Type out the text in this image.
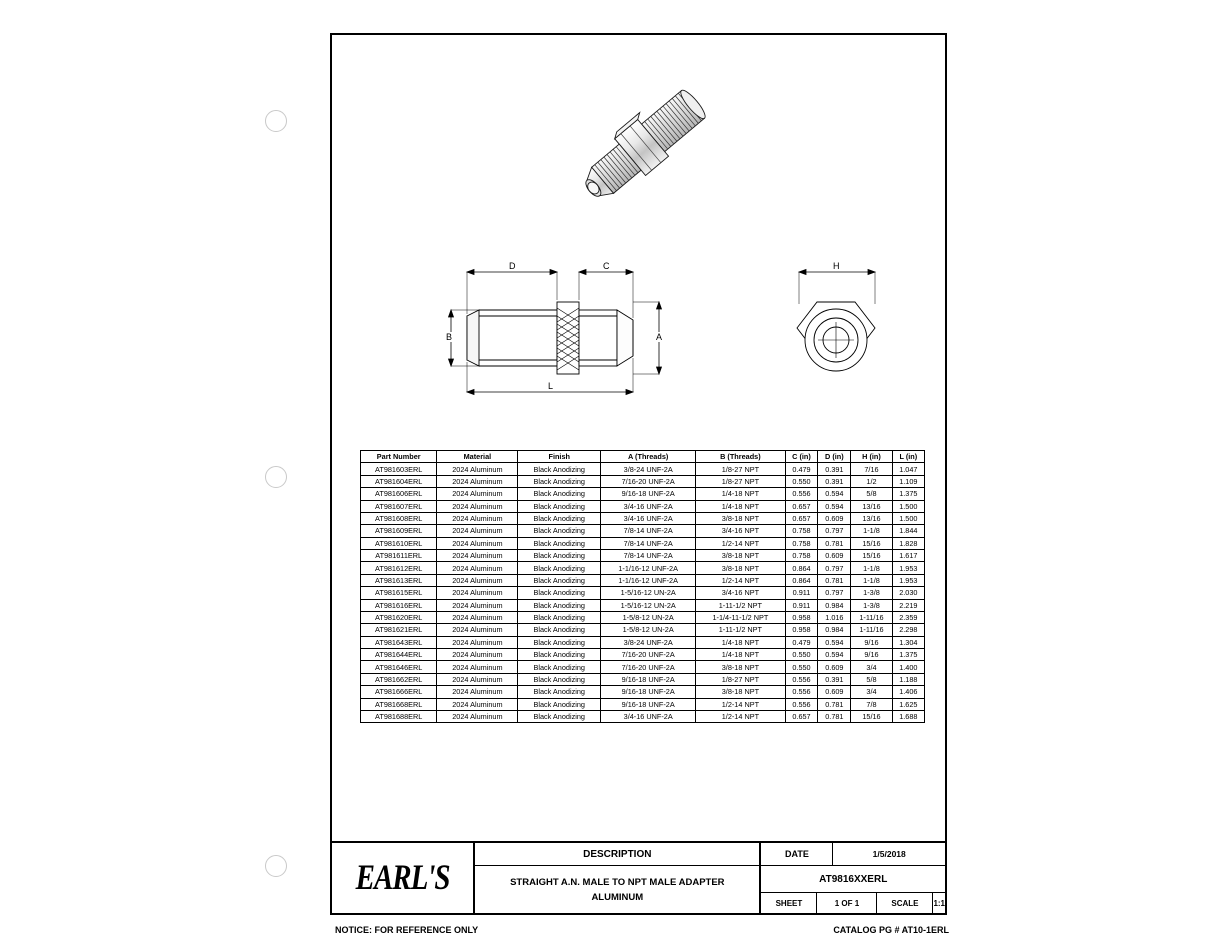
D	C
B	A
L
H
Part Number	Material	Finish	A (Threads)	B (Threads)	C (in)	D (in)	H (in)	L (in)
AT981603ERL	2024 Aluminum	Black Anodizing	3/8-24 UNF-2A	1/8-27 NPT	0.479	0.391	7/16	1.047
AT981604ERL	2024 Aluminum	Black Anodizing	7/16-20 UNF-2A	1/8-27 NPT	0.550	0.391	1/2	1.109
AT981606ERL	2024 Aluminum	Black Anodizing	9/16-18 UNF-2A	1/4-18 NPT	0.556	0.594	5/8	1.375
AT981607ERL	2024 Aluminum	Black Anodizing	3/4-16 UNF-2A	1/4-18 NPT	0.657	0.594	13/16	1.500
AT981608ERL	2024 Aluminum	Black Anodizing	3/4-16 UNF-2A	3/8-18 NPT	0.657	0.609	13/16	1.500
AT981609ERL	2024 Aluminum	Black Anodizing	7/8-14 UNF-2A	3/4-16 NPT	0.758	0.797	1-1/8	1.844
AT981610ERL	2024 Aluminum	Black Anodizing	7/8-14 UNF-2A	1/2-14 NPT	0.758	0.781	15/16	1.828
AT981611ERL	2024 Aluminum	Black Anodizing	7/8-14 UNF-2A	3/8-18 NPT	0.758	0.609	15/16	1.617
AT981612ERL	2024 Aluminum	Black Anodizing	1-1/16-12 UNF-2A	3/8-18 NPT	0.864	0.797	1-1/8	1.953
AT981613ERL	2024 Aluminum	Black Anodizing	1-1/16-12 UNF-2A	1/2-14 NPT	0.864	0.781	1-1/8	1.953
AT981615ERL	2024 Aluminum	Black Anodizing	1-5/16-12 UN-2A	3/4-16 NPT	0.911	0.797	1-3/8	2.030
AT981616ERL	2024 Aluminum	Black Anodizing	1-5/16-12 UN-2A	1-11-1/2 NPT	0.911	0.984	1-3/8	2.219
AT981620ERL	2024 Aluminum	Black Anodizing	1-5/8-12 UN-2A	1-1/4-11-1/2 NPT	0.958	1.016	1-11/16	2.359
AT981621ERL	2024 Aluminum	Black Anodizing	1-5/8-12 UN-2A	1-11-1/2 NPT	0.958	0.984	1-11/16	2.298
AT981643ERL	2024 Aluminum	Black Anodizing	3/8-24 UNF-2A	1/4-18 NPT	0.479	0.594	9/16	1.304
AT981644ERL	2024 Aluminum	Black Anodizing	7/16-20 UNF-2A	1/4-18 NPT	0.550	0.594	9/16	1.375
AT981646ERL	2024 Aluminum	Black Anodizing	7/16-20 UNF-2A	3/8-18 NPT	0.550	0.609	3/4	1.400
AT981662ERL	2024 Aluminum	Black Anodizing	9/16-18 UNF-2A	1/8-27 NPT	0.556	0.391	5/8	1.188
AT981666ERL	2024 Aluminum	Black Anodizing	9/16-18 UNF-2A	3/8-18 NPT	0.556	0.609	3/4	1.406
AT981668ERL	2024 Aluminum	Black Anodizing	9/16-18 UNF-2A	1/2-14 NPT	0.556	0.781	7/8	1.625
AT981688ERL	2024 Aluminum	Black Anodizing	3/4-16 UNF-2A	1/2-14 NPT	0.657	0.781	15/16	1.688
EARL'S
DESCRIPTION
STRAIGHT A.N. MALE TO NPT MALE ADAPTER
ALUMINUM
DATE	1/5/2018
AT9816XXERL
SHEET	1 OF 1	SCALE	1:1
NOTICE: FOR REFERENCE ONLY	CATALOG PG # AT10-1ERL
